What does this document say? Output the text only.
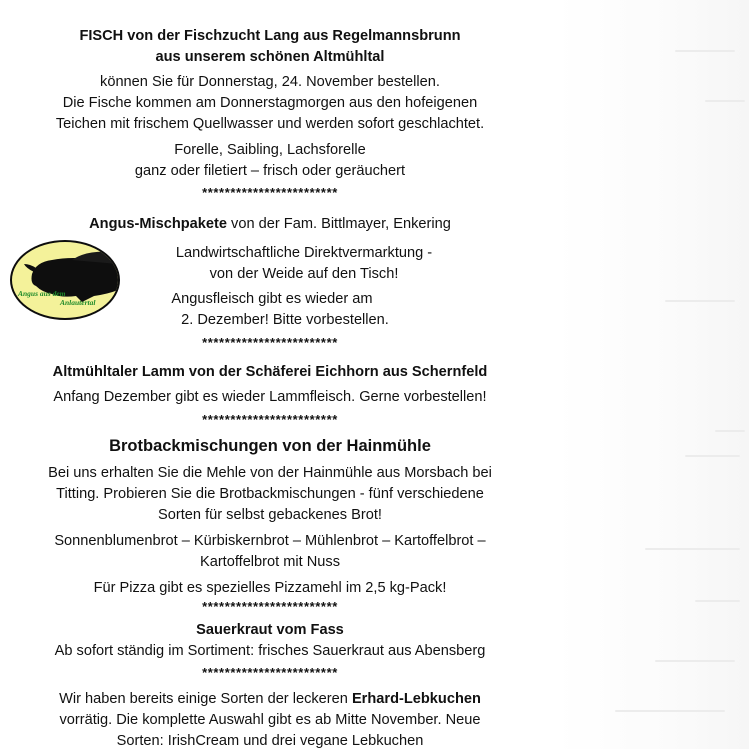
FISCH von der Fischzucht Lang aus Regelmannsbrunn
aus unserem schönen Altmühltal
können Sie für Donnerstag, 24. November bestellen.
Die Fische kommen am Donnerstagmorgen aus den hofeigenen
Teichen mit frischem Quellwasser und werden sofort geschlachtet.
Forelle, Saibling, Lachsforelle
ganz oder filetiert – frisch oder geräuchert
************************
Angus-Mischpakete von der Fam. Bittlmayer, Enkering
Angus aus dem
Anlautertal
Landwirtschaftliche Direktvermarktung -
von der Weide auf den Tisch!
Angusfleisch gibt es wieder am
2. Dezember! Bitte vorbestellen.
************************
Altmühltaler Lamm von der Schäferei Eichhorn aus Schernfeld
Anfang Dezember gibt es wieder Lammfleisch. Gerne vorbestellen!
************************
Brotbackmischungen von der Hainmühle
Bei uns erhalten Sie die Mehle von der Hainmühle aus Morsbach bei
Titting. Probieren Sie die Brotbackmischungen - fünf verschiedene
Sorten für selbst gebackenes Brot!
Sonnenblumenbrot – Kürbiskernbrot – Mühlenbrot – Kartoffelbrot –
Kartoffelbrot mit Nuss
Für Pizza gibt es spezielles Pizzamehl im 2,5 kg-Pack!
************************
Sauerkraut vom Fass
Ab sofort ständig im Sortiment: frisches Sauerkraut aus Abensberg
************************
Wir haben bereits einige Sorten der leckeren Erhard-Lebkuchen
vorrätig. Die komplette Auswahl gibt es ab Mitte November. Neue
Sorten: IrishCream und drei vegane Lebkuchen
